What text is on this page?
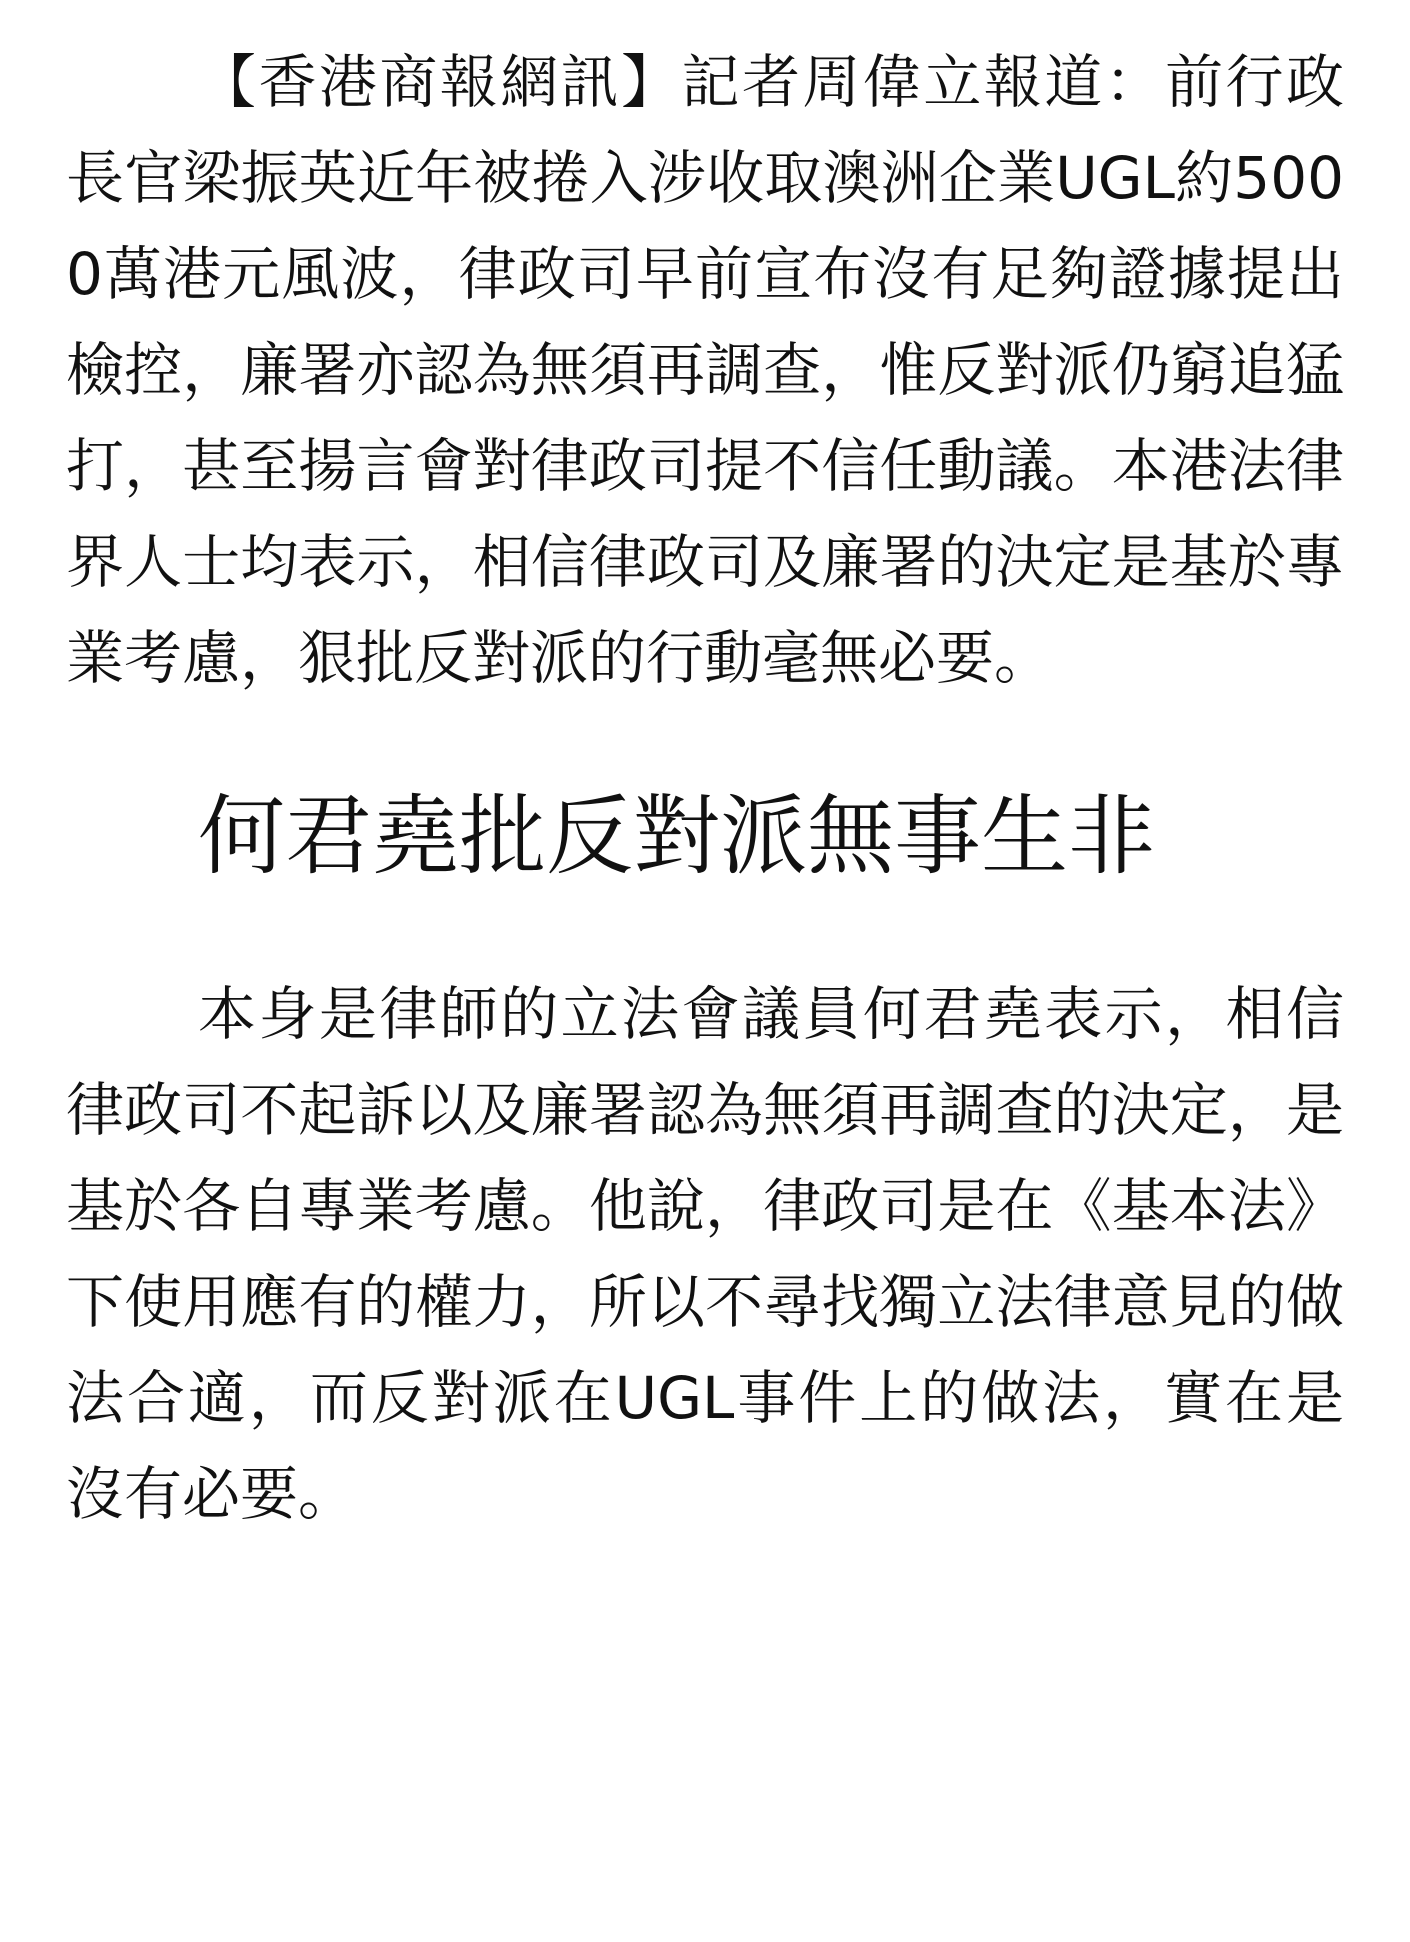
【香港商報網訊】記者周偉立報道：前行政長官梁振英近年被捲入涉收取澳洲企業UGL約5000萬港元風波，律政司早前宣布沒有足夠證據提出檢控，廉署亦認為無須再調查，惟反對派仍窮追猛打，甚至揚言會對律政司提不信任動議。本港法律界人士均表示，相信律政司及廉署的決定是基於專業考慮，狠批反對派的行動毫無必要。

何君堯批反對派無事生非

本身是律師的立法會議員何君堯表示，相信律政司不起訴以及廉署認為無須再調查的決定，是基於各自專業考慮。他說，律政司是在《基本法》下使用應有的權力，所以不尋找獨立法律意見的做法合適，而反對派在UGL事件上的做法，實在是沒有必要。
